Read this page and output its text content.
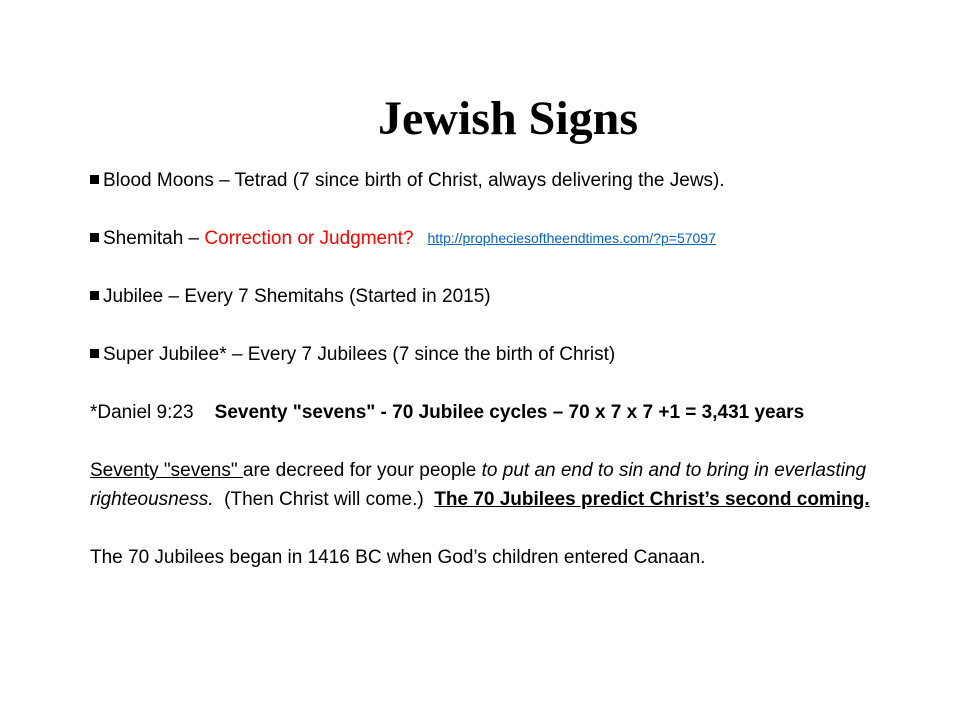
Jewish Signs

Blood Moons – Tetrad (7 since birth of Christ, always delivering the Jews).

Shemitah – Correction or Judgment? http://propheciesoftheendtimes.com/?p=57097

Jubilee – Every 7 Shemitahs (Started in 2015)

Super Jubilee* – Every 7 Jubilees (7 since the birth of Christ)

*Daniel 9:23 Seventy "sevens" - 70 Jubilee cycles – 70 x 7 x 7 +1 = 3,431 years

Seventy "sevens" are decreed for your people to put an end to sin and to bring in everlasting righteousness.  (Then Christ will come.)  The 70 Jubilees predict Christ’s second coming.

The 70 Jubilees began in 1416 BC when God’s children entered Canaan.
